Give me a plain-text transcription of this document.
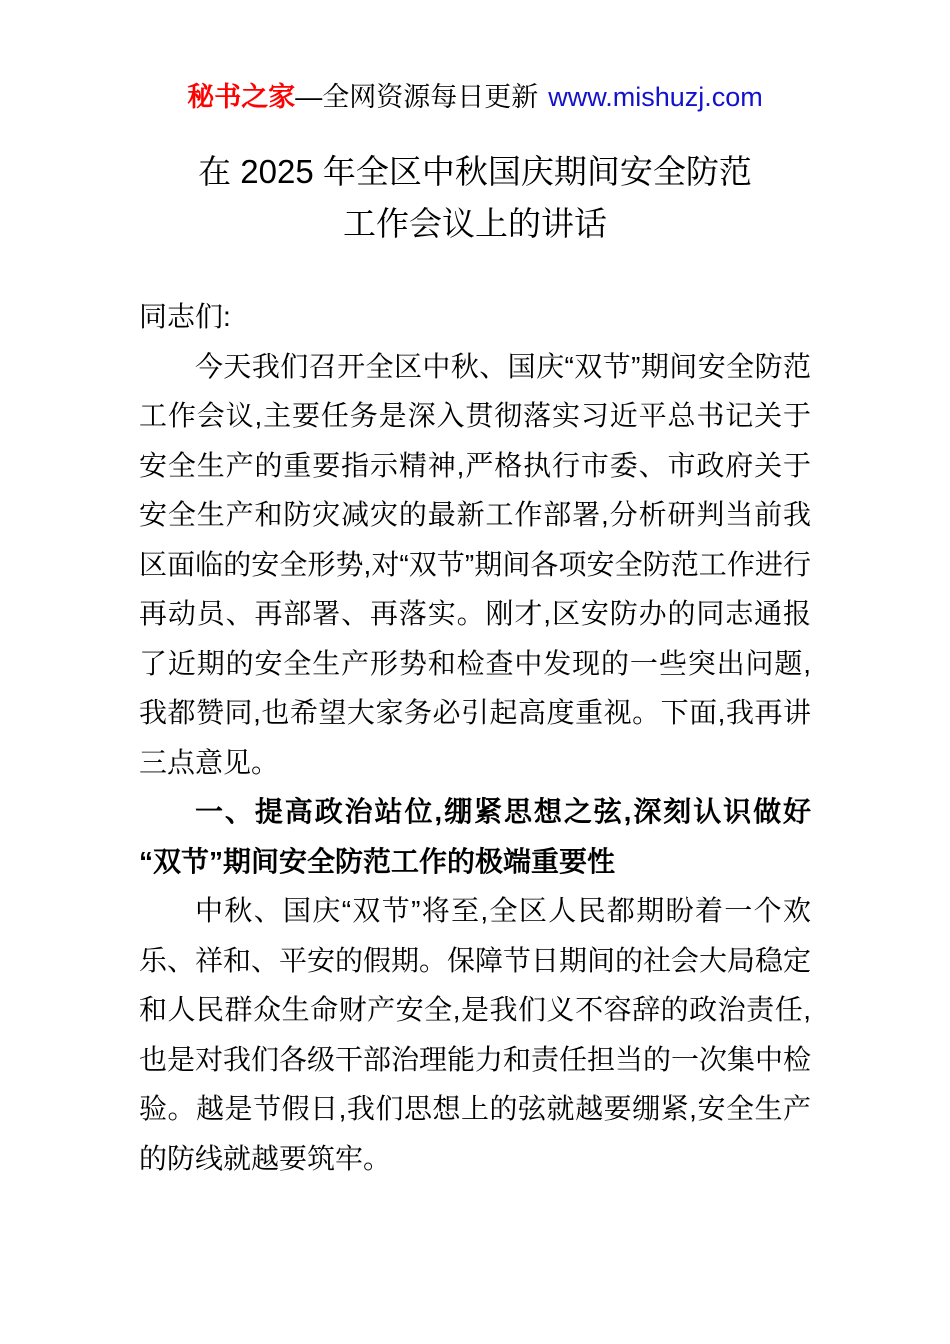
秘书之家—全网资源每日更新 www.mishuzj.com
在 2025 年全区中秋国庆期间安全防范
工作会议上的讲话

同志们:

今天我们召开全区中秋、国庆“双节”期间安全防范工作会议,主要任务是深入贯彻落实习近平总书记关于安全生产的重要指示精神,严格执行市委、市政府关于安全生产和防灾减灾的最新工作部署,分析研判当前我区面临的安全形势,对“双节”期间各项安全防范工作进行再动员、再部署、再落实。刚才,区安防办的同志通报了近期的安全生产形势和检查中发现的一些突出问题,我都赞同,也希望大家务必引起高度重视。下面,我再讲三点意见。

一、提高政治站位,绷紧思想之弦,深刻认识做好“双节”期间安全防范工作的极端重要性

中秋、国庆“双节”将至,全区人民都期盼着一个欢乐、祥和、平安的假期。保障节日期间的社会大局稳定和人民群众生命财产安全,是我们义不容辞的政治责任,也是对我们各级干部治理能力和责任担当的一次集中检验。越是节假日,我们思想上的弦就越要绷紧,安全生产的防线就越要筑牢。
